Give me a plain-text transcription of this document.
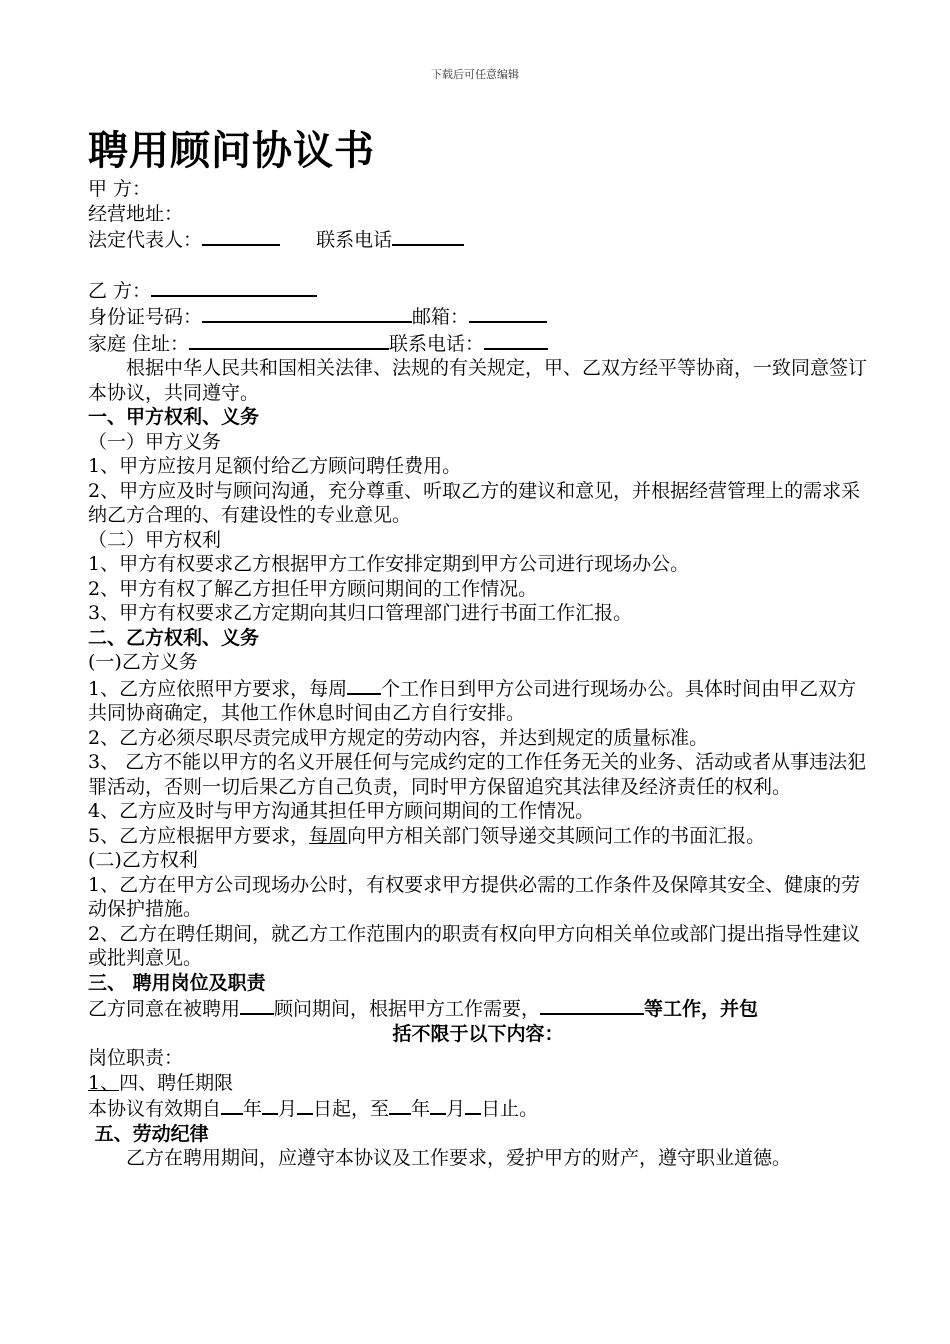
下载后可任意编辑
聘用顾问协议书
甲 方：
经营地址：
法定代表人：	联系电话
乙 方：
身份证号码：	邮箱：
家庭 住址：	联系电话：
根据中华人民共和国相关法律、法规的有关规定，甲、乙双方经平等协商，一致同意签订本协议，共同遵守。
一、甲方权利、义务
（一）甲方义务
1、甲方应按月足额付给乙方顾问聘任费用。
2、甲方应及时与顾问沟通，充分尊重、听取乙方的建议和意见，并根据经营管理上的需求采纳乙方合理的、有建设性的专业意见。
（二）甲方权利
1、甲方有权要求乙方根据甲方工作安排定期到甲方公司进行现场办公。
2、甲方有权了解乙方担任甲方顾问期间的工作情况。
3、甲方有权要求乙方定期向其归口管理部门进行书面工作汇报。
二、乙方权利、义务
(一)乙方义务
1、乙方应依照甲方要求，每周 个工作日到甲方公司进行现场办公。具体时间由甲乙双方共同协商确定，其他工作休息时间由乙方自行安排。
2、乙方必须尽职尽责完成甲方规定的劳动内容，并达到规定的质量标准。
3、 乙方不能以甲方的名义开展任何与完成约定的工作任务无关的业务、活动或者从事违法犯罪活动，否则一切后果乙方自己负责，同时甲方保留追究其法律及经济责任的权利。
4、乙方应及时与甲方沟通其担任甲方顾问期间的工作情况。
5、乙方应根据甲方要求，每周向甲方相关部门领导递交其顾问工作的书面汇报。
(二)乙方权利
1、乙方在甲方公司现场办公时，有权要求甲方提供必需的工作条件及保障其安全、健康的劳动保护措施。
2、乙方在聘任期间，就乙方工作范围内的职责有权向甲方向相关单位或部门提出指导性建议或批判意见。
三、 聘用岗位及职责
乙方同意在被聘用 顾问期间，根据甲方工作需要，	等工作，并包
括不限于以下内容：
岗位职责：
1、四、聘任期限
本协议有效期自 年 月 日起，至 年 月 日止。
五、劳动纪律
乙方在聘用期间，应遵守本协议及工作要求，爱护甲方的财产，遵守职业道德。
